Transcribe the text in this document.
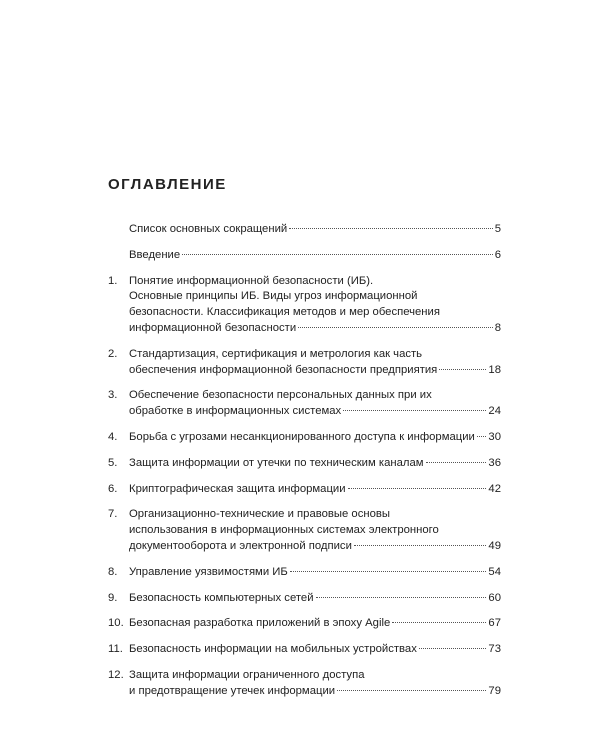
ОГЛАВЛЕНИЕ
Список основных сокращений	5
Введение	6
1.	Понятие информационной безопасности (ИБ).
Основные принципы ИБ. Виды угроз информационной
безопасности. Классификация методов и мер обеспечения
информационной безопасности	8
2.	Стандартизация, сертификация и метрология как часть
обеспечения информационной безопасности предприятия	18
3.	Обеспечение безопасности персональных данных при их
обработке в информационных системах	24
4.	Борьба с угрозами несанкционированного доступа к информации 30
5.	Защита информации от утечки по техническим каналам	36
6.	Криптографическая защита информации	42
7.	Организационно-технические и правовые основы
использования в информационных системах электронного
документооборота и электронной подписи	49
8.	Управление уязвимостями ИБ	54
9.	Безопасность компьютерных сетей	60
10. Безопасная разработка приложений в эпоху Agile	67
11. Безопасность информации на мобильных устройствах	73
12. Защита информации ограниченного доступа
и предотвращение утечек информации	79
